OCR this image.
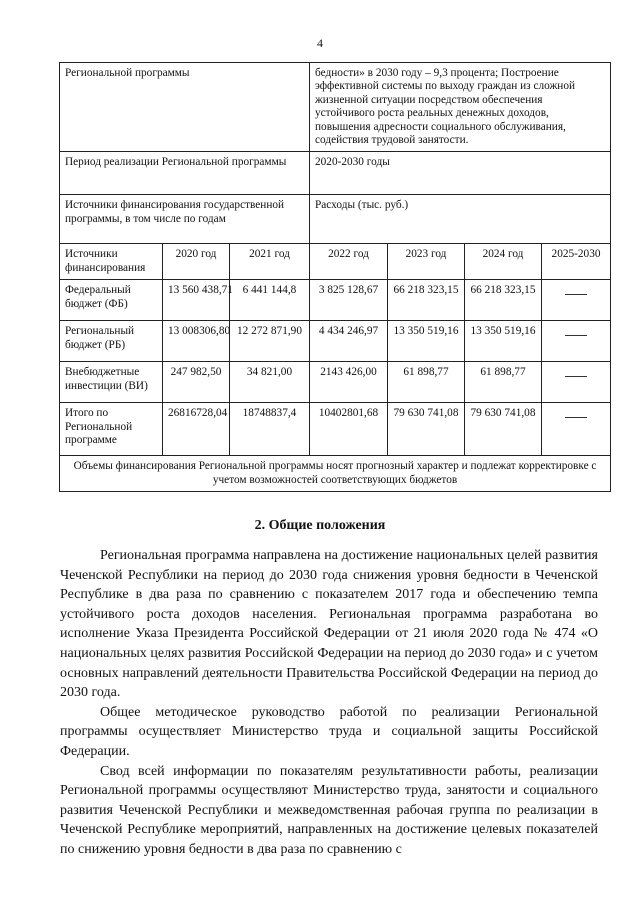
4
Региональной программы			бедности» в 2030 году – 9,3 процента; Построение эффективной системы по выходу граждан из сложной жизненной ситуации посредством обеспечения устойчивого роста реальных денежных доходов, повышения адресности социального обслуживания, содействия трудовой занятости.			
Период реализации Региональной программы			2020-2030 годы			
Источники финансирования государственной программы, в том числе по годам			Расходы (тыс. руб.)			
Источники финансирования	2020 год	2021 год	2022 год	2023 год	2024 год	2025-2030
Федеральный бюджет (ФБ)	13 560 438,71	6 441 144,8	3 825 128,67	66 218 323,15	66 218 323,15	
Региональный бюджет (РБ)	13 008306,80	12 272 871,90	4 434 246,97	13 350 519,16	13 350 519,16	
Внебюджетные инвестиции (ВИ)	247 982,50	34 821,00	2143 426,00	61 898,77	61 898,77	
Итого по Региональной программе	26816728,04	18748837,4	10402801,68	79 630 741,08	79 630 741,08	
Объемы финансирования Региональной программы носят прогнозный характер и подлежат корректировке с учетом возможностей соответствующих бюджетов						
2. Общие положения

Региональная программа направлена на достижение национальных целей развития Чеченской Республики на период до 2030 года снижения уровня бедности в Чеченской Республике в два раза по сравнению с показателем 2017 года и обеспечению темпа устойчивого роста доходов населения. Региональная программа разработана во исполнение Указа Президента Российской Федерации от 21 июля 2020 года № 474 «О национальных целях развития Российской Федерации на период до 2030 года» и с учетом основных направлений деятельности Правительства Российской Федерации на период до 2030 года.

Общее методическое руководство работой по реализации Региональной программы осуществляет Министерство труда и социальной защиты Российской Федерации.

Свод всей информации по показателям результативности работы, реализации Региональной программы осуществляют Министерство труда, занятости и социального развития Чеченской Республики и межведомственная рабочая группа по реализации в Чеченской Республике мероприятий, направленных на достижение целевых показателей по снижению уровня бедности в два раза по сравнению с
